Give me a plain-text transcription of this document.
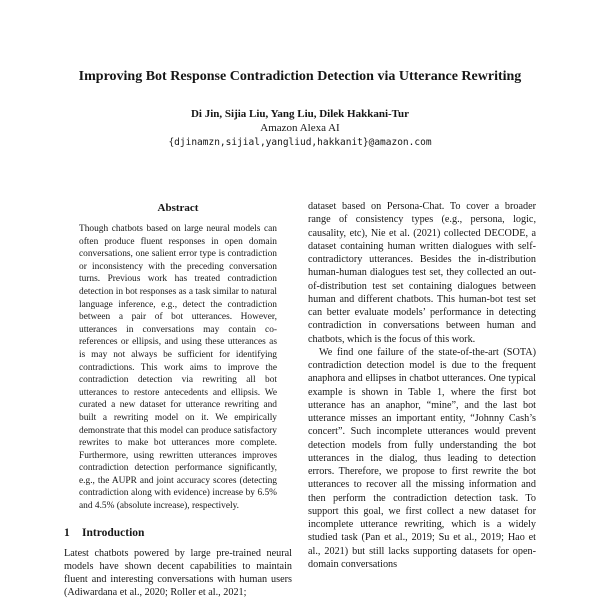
Improving Bot Response Contradiction Detection via Utterance Rewriting
Di Jin, Sijia Liu, Yang Liu, Dilek Hakkani-Tur
Amazon Alexa AI
{djinamzn,sijial,yangliud,hakkanit}@amazon.com
Abstract
Though chatbots based on large neural models can often produce fluent responses in open domain conversations, one salient error type is contradiction or inconsistency with the preceding conversation turns. Previous work has treated contradiction detection in bot responses as a task similar to natural language inference, e.g., detect the contradiction between a pair of bot utterances. However, utterances in conversations may contain co-references or ellipsis, and using these utterances as is may not always be sufficient for identifying contradictions. This work aims to improve the contradiction detection via rewriting all bot utterances to restore antecedents and ellipsis. We curated a new dataset for utterance rewriting and built a rewriting model on it. We empirically demonstrate that this model can produce satisfactory rewrites to make bot utterances more complete. Furthermore, using rewritten utterances improves contradiction detection performance significantly, e.g., the AUPR and joint accuracy scores (detecting contradiction along with evidence) increase by 6.5% and 4.5% (absolute increase), respectively.
1 Introduction

Latest chatbots powered by large pre-trained neural models have shown decent capabilities to maintain fluent and interesting conversations with human users (Adiwardana et al., 2020; Roller et al., 2021;

dataset based on Persona-Chat. To cover a broader range of consistency types (e.g., persona, logic, causality, etc), Nie et al. (2021) collected DECODE, a dataset containing human written dialogues with self-contradictory utterances. Besides the in-distribution human-human dialogues test set, they collected an out-of-distribution test set containing dialogues between human and different chatbots. This human-bot test set can better evaluate models’ performance in detecting contradiction in conversations between human and chatbots, which is the focus of this work.

We find one failure of the state-of-the-art (SOTA) contradiction detection model is due to the frequent anaphora and ellipses in chatbot utterances. One typical example is shown in Table 1, where the first bot utterance has an anaphor, “mine”, and the last bot utterance misses an important entity, “Johnny Cash’s concert”. Such incomplete utterances would prevent detection models from fully understanding the bot utterances in the dialog, thus leading to detection errors. Therefore, we propose to first rewrite the bot utterances to recover all the missing information and then perform the contradiction detection task. To support this goal, we first collect a new dataset for incomplete utterance rewriting, which is a widely studied task (Pan et al., 2019; Su et al., 2019; Hao et al., 2021) but still lacks supporting datasets for open-domain conversations
